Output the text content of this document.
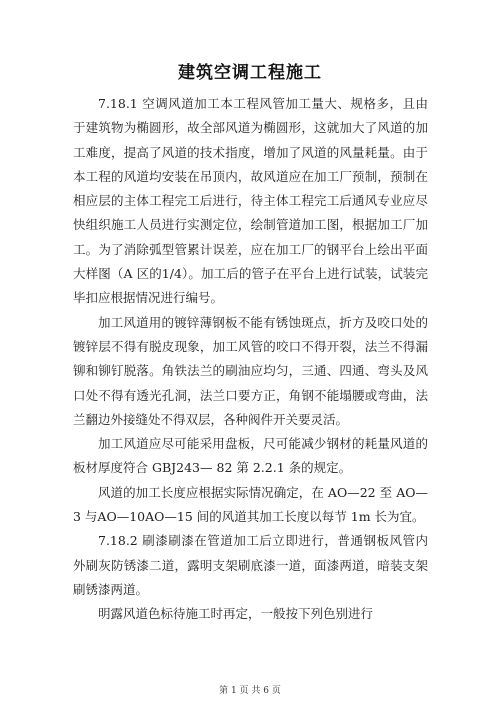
建筑空调工程施工

7.18.1 空调风道加工本工程风管加工量大、规格多，且由于建筑物为椭圆形，故全部风道为椭圆形，这就加大了风道的加工难度，提高了风道的技术指度，增加了风道的风量耗量。由于本工程的风道均安装在吊顶内，故风道应在加工厂预制，预制在相应层的主体工程完工后进行，待主体工程完工后通风专业应尽快组织施工人员进行实测定位，绘制管道加工图，根据加工厂加工。为了消除弧型管累计误差，应在加工厂的钢平台上绘出平面大样图（A 区的1/4）。加工后的管子在平台上进行试装，试装完毕扣应根据情况进行编号。

加工风道用的镀锌薄钢板不能有锈蚀斑点，折方及咬口处的镀锌层不得有脱皮现象，加工风管的咬口不得开裂，法兰不得漏铆和铆钉脱落。角铁法兰的刷油应均匀，三通、四通、弯头及风口处不得有透光孔洞，法兰口要方正，角钢不能塌腰或弯曲，法兰翻边外接缝处不得双层，各种阀件开关要灵活。

加工风道应尽可能采用盘板，尺可能减少钢材的耗量风道的板材厚度符合 GBJ243— 82 第 2.2.1 条的规定。

风道的加工长度应根据实际情况确定，在 AO—22 至 AO—3 与AO—10AO—15 间的风道其加工长度以每节 1m 长为宜。

7.18.2 刷漆刷漆在管道加工后立即进行，普通钢板风管内外刷灰防锈漆二道，露明支架刷底漆一道，面漆两道，暗装支架刷锈漆两道。

明露风道色标待施工时再定，一般按下列色别进行

第 1 页 共 6 页
